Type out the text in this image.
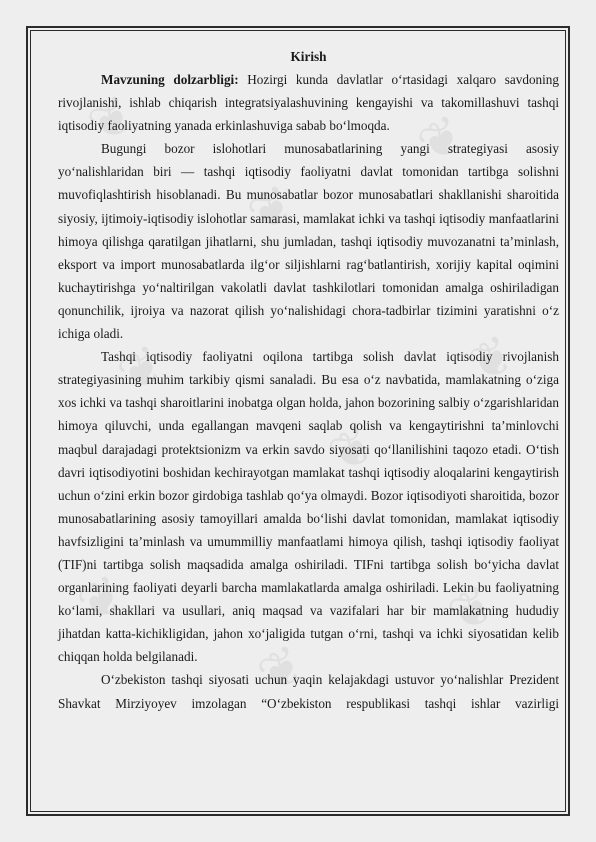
❦
❦
❦
❦
❦
❦
❦
❦
❦
Kirish

Mavzuning dolzarbligi: Hozirgi kunda davlatlar oʻrtasidagi xalqaro savdoning rivojlanishi, ishlab chiqarish integratsiyalashuvining kengayishi va takomillashuvi tashqi iqtisodiy faoliyatning yanada erkinlashuviga sabab boʻlmoqda.

Bugungi bozor islohotlari munosabatlarining yangi strategiyasi asosiy yoʻnalishlaridan biri — tashqi iqtisodiy faoliyatni davlat tomonidan tartibga solishni muvofiqlashtirish hisoblanadi. Bu munosabatlar bozor munosabatlari shakllanishi sharoitida siyosiy, ijtimoiy-iqtisodiy islohotlar samarasi, mamlakat ichki va tashqi iqtisodiy manfaatlarini himoya qilishga qaratilgan jihatlarni, shu jumladan, tashqi iqtisodiy muvozanatni taʼminlash, eksport va import munosabatlarda ilgʻor siljishlarni ragʻbatlantirish, xorijiy kapital oqimini kuchaytirishga yoʻnaltirilgan vakolatli davlat tashkilotlari tomonidan amalga oshiriladigan qonunchilik, ijroiya va nazorat qilish yoʻnalishidagi chora-tadbirlar tizimini yaratishni oʻz ichiga oladi.

Tashqi iqtisodiy faoliyatni oqilona tartibga solish davlat iqtisodiy rivojlanish strategiyasining muhim tarkibiy qismi sanaladi. Bu esa oʻz navbatida, mamlakatning oʻziga xos ichki va tashqi sharoitlarini inobatga olgan holda, jahon bozorining salbiy oʻzgarishlaridan himoya qiluvchi, unda egallangan mavqeni saqlab qolish va kengaytirishni taʼminlovchi maqbul darajadagi protektsionizm va erkin savdo siyosati qoʻllanilishini taqozo etadi. Oʻtish davri iqtisodiyotini boshidan kechirayotgan mamlakat tashqi iqtisodiy aloqalarini kengaytirish uchun oʻzini erkin bozor girdobiga tashlab qoʻya olmaydi. Bozor iqtisodiyoti sharoitida, bozor munosabatlarining asosiy tamoyillari amalda boʻlishi davlat tomonidan, mamlakat iqtisodiy havfsizligini taʼminlash va umummilliy manfaatlami himoya qilish, tashqi iqtisodiy faoliyat (TIF)ni tartibga solish maqsadida amalga oshiriladi. TIFni tartibga solish boʻyicha davlat organlarining faoliyati deyarli barcha mamlakatlarda amalga oshiriladi. Lekin bu faoliyatning koʻlami, shakllari va usullari, aniq maqsad va vazifalari har bir mamlakatning hududiy jihatdan katta-kichikligidan, jahon xoʻjaligida tutgan oʻrni, tashqi va ichki siyosatidan kelib chiqqan holda belgilanadi.

Oʻzbekiston tashqi siyosati uchun yaqin kelajakdagi ustuvor yoʻnalishlar Prezident Shavkat Mirziyoyev imzolagan “Oʻzbekiston respublikasi tashqi ishlar vazirligi
